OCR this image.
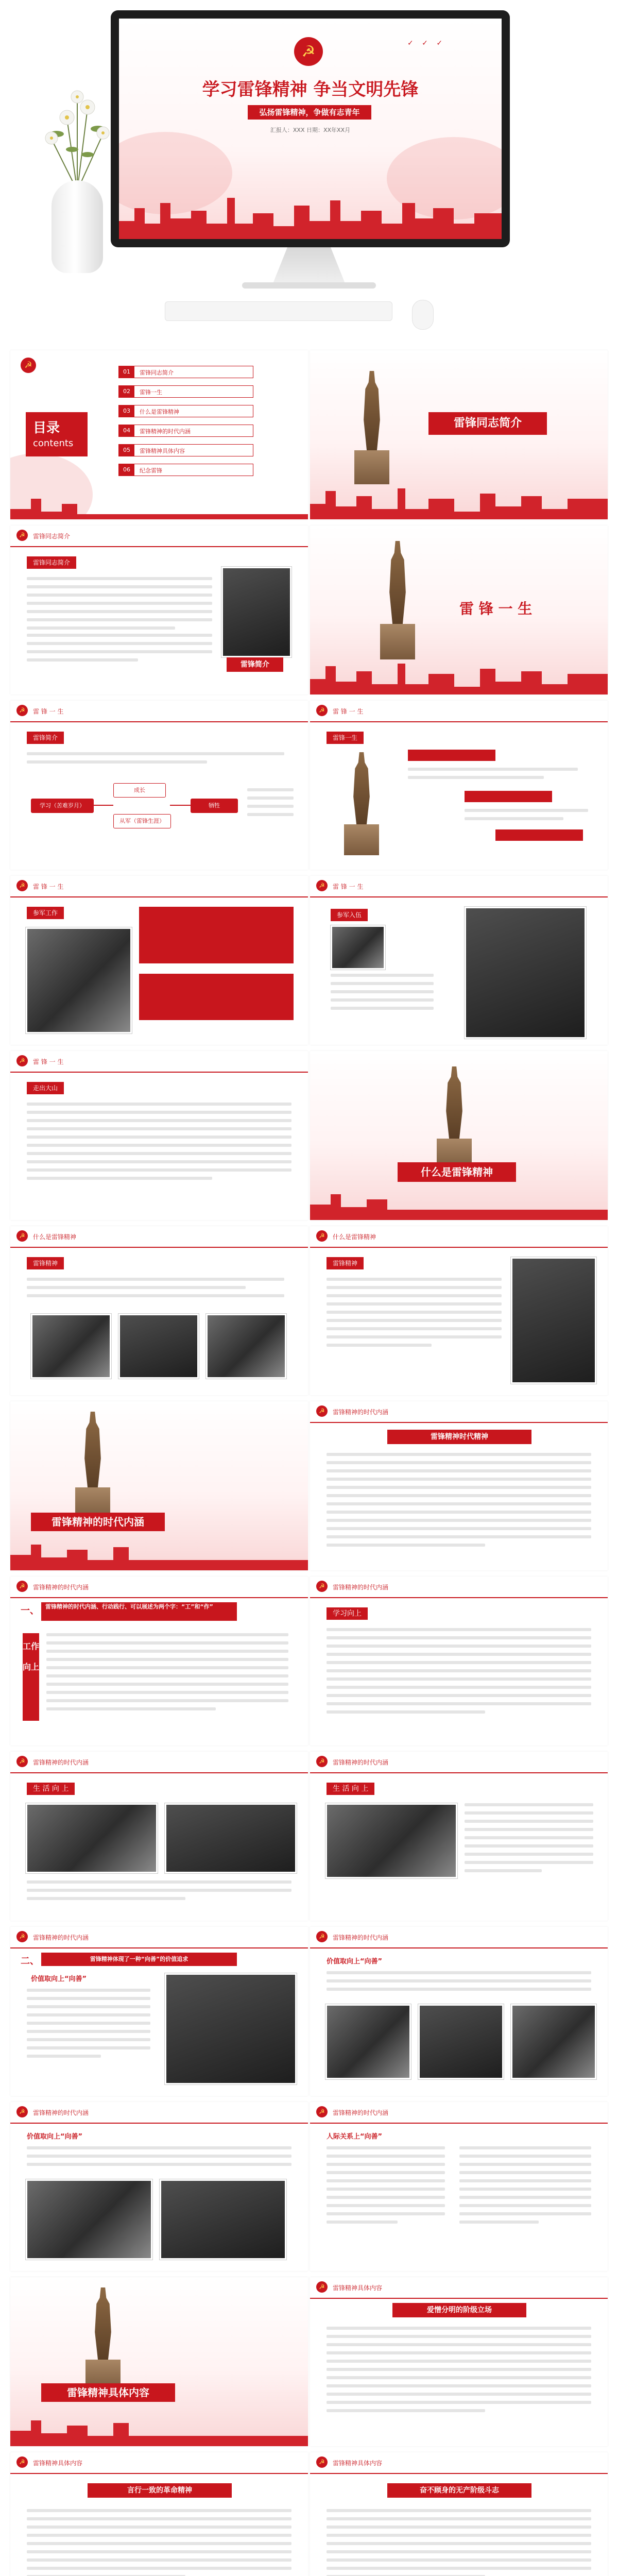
☭
学习雷锋精神 争当文明先锋
弘扬雷锋精神，争做有志青年
汇报人：XXX 日期：XX年XX月
✓ ✓ ✓
☭
目录
contents
01	雷锋同志简介
02	雷锋一生
03	什么是雷锋精神
04	雷锋精神的时代内涵
05	雷锋精神具体内容
06	纪念雷锋
雷锋同志简介
☭	雷锋同志简介
雷锋同志简介
雷锋简介
雷 锋 一 生
☭	雷 锋 一 生
雷锋简介
学习（苦难岁月）
成长
从军（雷锋生涯）
牺牲
☭	雷 锋 一 生
雷锋一生
☭	雷 锋 一 生
参军工作
☭	雷 锋 一 生
参军入伍
☭	雷 锋 一 生
走出大山
什么是雷锋精神
☭	什么是雷锋精神
雷锋精神
☭	什么是雷锋精神
雷锋精神
雷锋精神的时代内涵
☭	雷锋精神的时代内涵
雷锋精神时代精神
☭	雷锋精神的时代内涵
一、	雷锋精神的时代内涵、行动践行、可以展述为两个字：“工”和“作”
工作向上
☭	雷锋精神的时代内涵
学习向上
☭	雷锋精神的时代内涵
生 活 向 上
☭	雷锋精神的时代内涵
生 活 向 上
☭	雷锋精神的时代内涵
二、	雷锋精神体现了一种“向善”的价值追求
价值取向上“向善”
☭	雷锋精神的时代内涵
价值取向上“向善”
☭	雷锋精神的时代内涵
价值取向上“向善”
☭	雷锋精神的时代内涵
人际关系上“向善”
雷锋精神具体内容
☭	雷锋精神具体内容
爱憎分明的阶级立场
☭	雷锋精神具体内容
言行一致的革命精神
☭	雷锋精神具体内容
奋不顾身的无产阶级斗志
